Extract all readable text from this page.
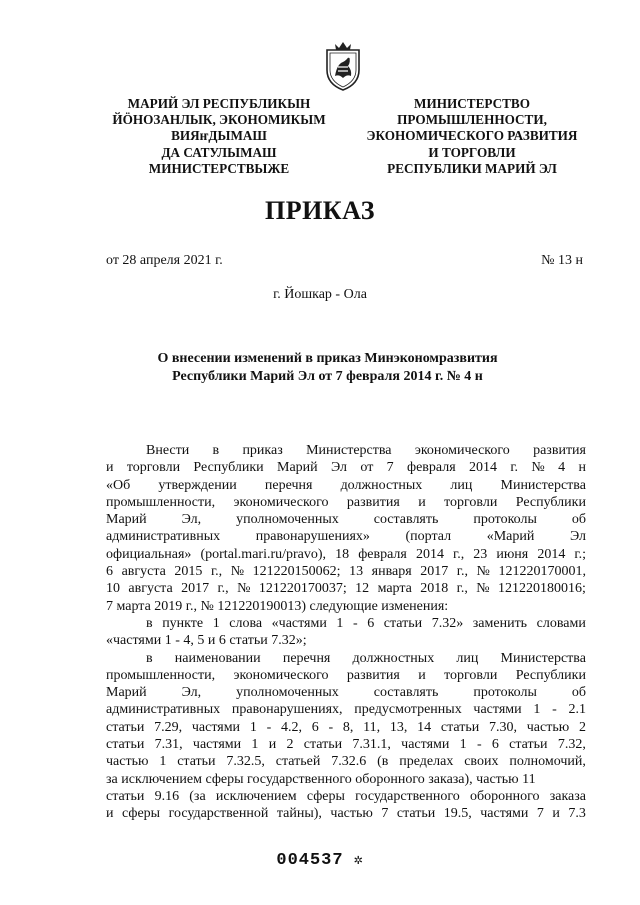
МАРИЙ ЭЛ РЕСПУБЛИКЫН
ЙӦНОЗАНЛЫК, ЭКОНОМИКЫМ
ВИЯҥДЫМАШ
ДА САТУЛЫМАШ
МИНИСТЕРСТВЫЖЕ
МИНИСТЕРСТВО
ПРОМЫШЛЕННОСТИ,
ЭКОНОМИЧЕСКОГО РАЗВИТИЯ
И ТОРГОВЛИ
РЕСПУБЛИКИ МАРИЙ ЭЛ
ПРИКАЗ
от 28 апреля 2021 г.	№ 13 н
г. Йошкар - Ола
О внесении изменений в приказ Минэкономразвития
Республики Марий Эл от 7 февраля 2014 г. № 4 н
Внести в приказ Министерства экономического развития
и торговли Республики Марий Эл от 7 февраля 2014 г. № 4 н
«Об утверждении перечня должностных лиц Министерства
промышленности, экономического развития и торговли Республики
Марий Эл, уполномоченных составлять протоколы об
административных	правонарушениях»	(портал	«Марий	Эл
официальная» (portal.mari.ru/pravo), 18 февраля 2014 г., 23 июня 2014 г.;
6 августа 2015 г., № 121220150062; 13 января 2017 г., № 121220170001,
10 августа 2017 г., № 121220170037; 12 марта 2018 г., № 121220180016;
7 марта 2019 г., № 121220190013) следующие изменения:
в пункте 1 слова «частями 1 - 6 статьи 7.32» заменить словами
«частями 1 - 4, 5 и 6 статьи 7.32»;
в наименовании перечня должностных лиц Министерства
промышленности, экономического развития и торговли Республики
Марий Эл, уполномоченных составлять протоколы об
административных правонарушениях, предусмотренных частями 1 - 2.1
статьи 7.29, частями 1 - 4.2, 6 - 8, 11, 13, 14 статьи 7.30, частью 2
статьи 7.31, частями 1 и 2 статьи 7.31.1, частями 1 - 6 статьи 7.32,
частью 1 статьи 7.32.5, статьей 7.32.6 (в пределах своих полномочий,
за исключением сферы государственного оборонного заказа), частью 11
статьи 9.16 (за исключением сферы государственного оборонного заказа
и сферы государственной тайны), частью 7 статьи 19.5, частями 7 и 7.3
004537 ✲
